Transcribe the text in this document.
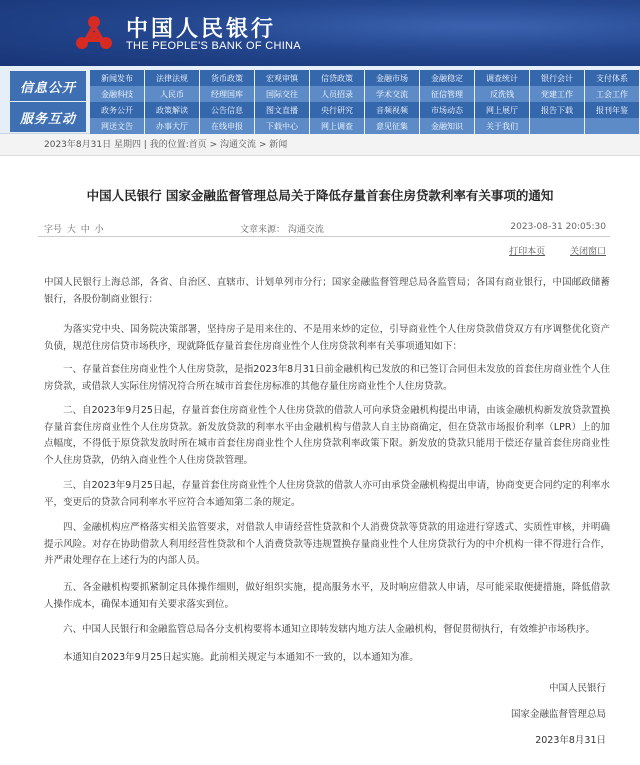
中国人民银行
THE PEOPLE'S BANK OF CHINA
信息公开
服务互动
新闻发布	法律法规	货币政策	宏观审慎	信贷政策	金融市场	金融稳定	调查统计	银行会计	支付体系
金融科技	人民币	经理国库	国际交往	人员招录	学术交流	征信管理	反洗钱	党建工作	工会工作
政务公开	政策解读	公告信息	图文直播	央行研究	音频视频	市场动态	网上展厅	报告下载	报刊年鉴
网送文告	办事大厅	在线申报	下载中心	网上调查	意见征集	金融知识	关于我们
2023年8月31日 星期四 | 我的位置:首页 > 沟通交流 > 新闻
中国人民银行 国家金融监督管理总局关于降低存量首套住房贷款利率有关事项的通知
字号 大 中 小	文章来源： 沟通交流	2023-08-31 20:05:30
打印本页	关闭窗口
中国人民银行上海总部，各省、自治区、直辖市、计划单列市分行；国家金融监督管理总局各监管局；各国有商业银行，中国邮政储蓄银行，各股份制商业银行：
为落实党中央、国务院决策部署，坚持房子是用来住的、不是用来炒的定位，引导商业性个人住房贷款借贷双方有序调整优化资产负债，规范住房信贷市场秩序，现就降低存量首套住房商业性个人住房贷款利率有关事项通知如下：
一、存量首套住房商业性个人住房贷款，是指2023年8月31日前金融机构已发放的和已签订合同但未发放的首套住房商业性个人住房贷款，或借款人实际住房情况符合所在城市首套住房标准的其他存量住房商业性个人住房贷款。
二、自2023年9月25日起，存量首套住房商业性个人住房贷款的借款人可向承贷金融机构提出申请，由该金融机构新发放贷款置换存量首套住房商业性个人住房贷款。新发放贷款的利率水平由金融机构与借款人自主协商确定，但在贷款市场报价利率（LPR）上的加点幅度，不得低于原贷款发放时所在城市首套住房商业性个人住房贷款利率政策下限。新发放的贷款只能用于偿还存量首套住房商业性个人住房贷款，仍纳入商业性个人住房贷款管理。
三、自2023年9月25日起，存量首套住房商业性个人住房贷款的借款人亦可由承贷金融机构提出申请，协商变更合同约定的利率水平，变更后的贷款合同利率水平应符合本通知第二条的规定。
四、金融机构应严格落实相关监管要求，对借款人申请经营性贷款和个人消费贷款等贷款的用途进行穿透式、实质性审核，并明确提示风险。对存在协助借款人利用经营性贷款和个人消费贷款等违规置换存量商业性个人住房贷款行为的中介机构一律不得进行合作，并严肃处理存在上述行为的内部人员。
五、各金融机构要抓紧制定具体操作细则，做好组织实施，提高服务水平，及时响应借款人申请，尽可能采取便捷措施，降低借款人操作成本，确保本通知有关要求落实到位。
六、中国人民银行和金融监管总局各分支机构要将本通知立即转发辖内地方法人金融机构，督促贯彻执行，有效维护市场秩序。
本通知自2023年9月25日起实施。此前相关规定与本通知不一致的，以本通知为准。
中国人民银行
国家金融监督管理总局
2023年8月31日
